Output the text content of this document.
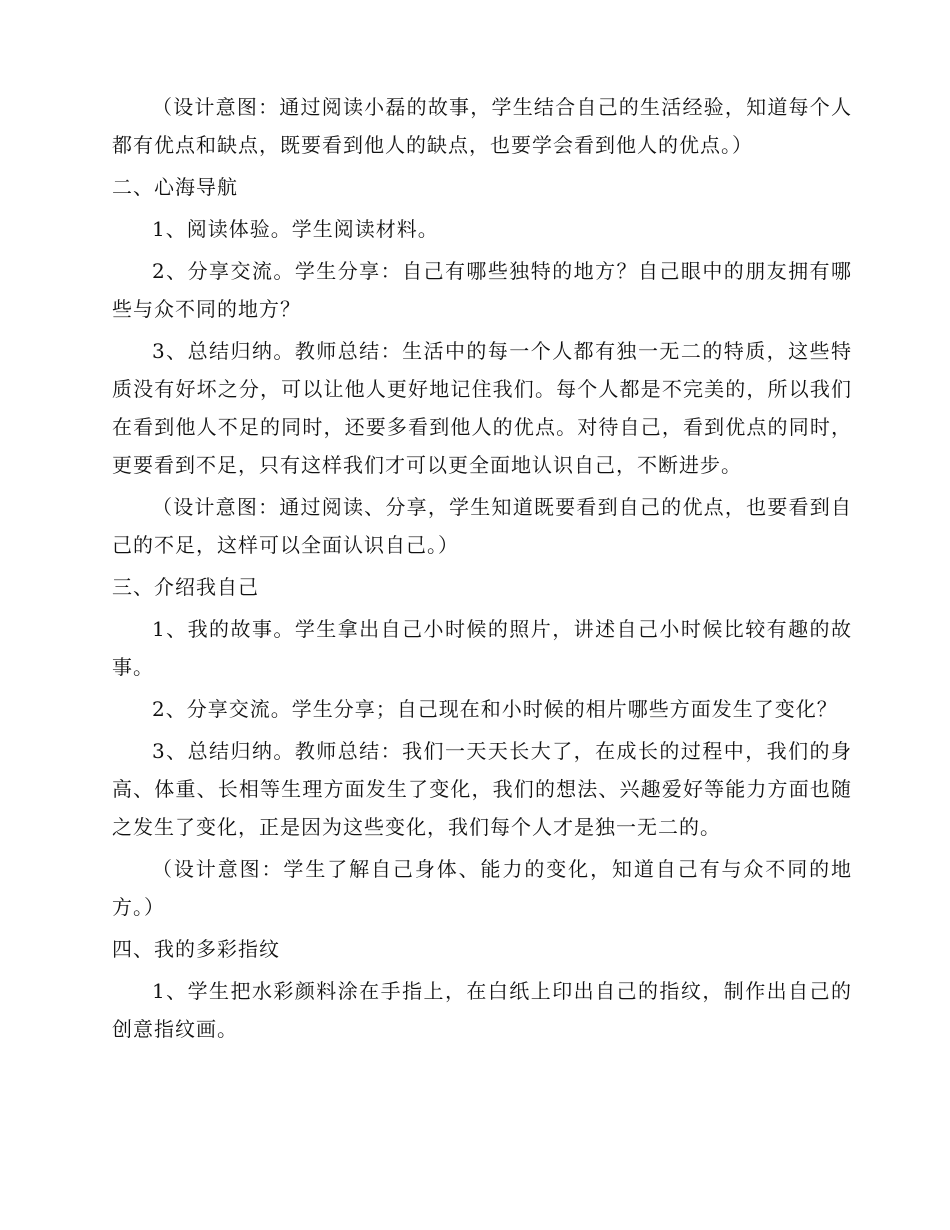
（设计意图：通过阅读小磊的故事，学生结合自己的生活经验，知道每个人都有优点和缺点，既要看到他人的缺点，也要学会看到他人的优点。）

二、心海导航

1、阅读体验。学生阅读材料。

2、分享交流。学生分享：自己有哪些独特的地方？自己眼中的朋友拥有哪些与众不同的地方？

3、总结归纳。教师总结：生活中的每一个人都有独一无二的特质，这些特质没有好坏之分，可以让他人更好地记住我们。每个人都是不完美的，所以我们在看到他人不足的同时，还要多看到他人的优点。对待自己，看到优点的同时，更要看到不足，只有这样我们才可以更全面地认识自己，不断进步。

（设计意图：通过阅读、分享，学生知道既要看到自己的优点，也要看到自己的不足，这样可以全面认识自己。）

三、介绍我自己

1、我的故事。学生拿出自己小时候的照片，讲述自己小时候比较有趣的故事。

2、分享交流。学生分享；自己现在和小时候的相片哪些方面发生了变化？

3、总结归纳。教师总结：我们一天天长大了，在成长的过程中，我们的身高、体重、长相等生理方面发生了变化，我们的想法、兴趣爱好等能力方面也随之发生了变化，正是因为这些变化，我们每个人才是独一无二的。

（设计意图：学生了解自己身体、能力的变化，知道自己有与众不同的地方。）

四、我的多彩指纹

1、学生把水彩颜料涂在手指上，在白纸上印出自己的指纹，制作出自己的创意指纹画。
